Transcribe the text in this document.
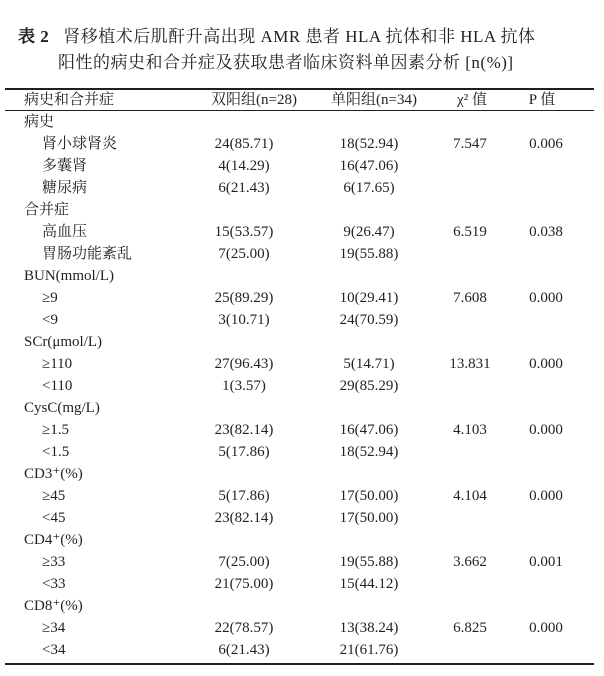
表 2 肾移植术后肌酐升高出现 AMR 患者 HLA 抗体和非 HLA 抗体
阳性的病史和合并症及获取患者临床资料单因素分析 [n(%)]
病史和合并症	双阳组(n=28)	单阳组(n=34)	χ² 值	P 值
病史
肾小球肾炎	24(85.71)	18(52.94)	7.547	0.006
多囊肾	4(14.29)	16(47.06)
糖尿病	6(21.43)	6(17.65)
合并症
高血压	15(53.57)	9(26.47)	6.519	0.038
胃肠功能紊乱	7(25.00)	19(55.88)
BUN(mmol/L)
≥9	25(89.29)	10(29.41)	7.608	0.000
<9	3(10.71)	24(70.59)
SCr(μmol/L)
≥110	27(96.43)	5(14.71)	13.831	0.000
<110	1(3.57)	29(85.29)
CysC(mg/L)
≥1.5	23(82.14)	16(47.06)	4.103	0.000
<1.5	5(17.86)	18(52.94)
CD3⁺(%)
≥45	5(17.86)	17(50.00)	4.104	0.000
<45	23(82.14)	17(50.00)
CD4⁺(%)
≥33	7(25.00)	19(55.88)	3.662	0.001
<33	21(75.00)	15(44.12)
CD8⁺(%)
≥34	22(78.57)	13(38.24)	6.825	0.000
<34	6(21.43)	21(61.76)
